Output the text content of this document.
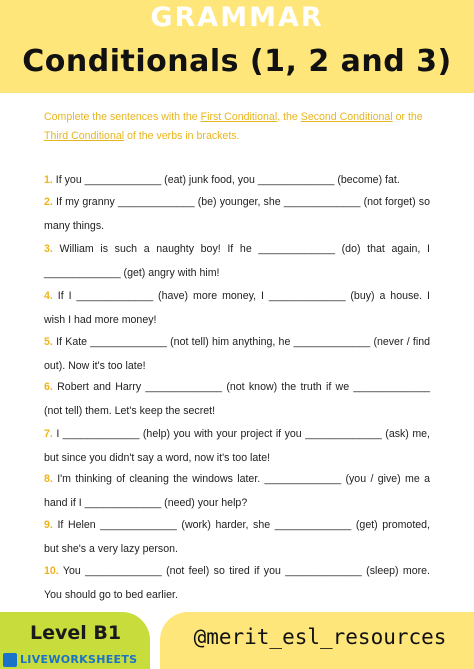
GRAMMAR
Conditionals (1, 2 and 3)
Complete the sentences with the First Conditional, the Second Conditional or the Third Conditional of the verbs in brackets.
1. If you _____________ (eat) junk food, you _____________ (become) fat.
2. If my granny _____________ (be) younger, she _____________ (not forget) so many things.
3. William is such a naughty boy! If he _____________ (do) that again, I _____________ (get) angry with him!
4. If I _____________ (have) more money, I _____________ (buy) a house. I wish I had more money!
5. If Kate _____________ (not tell) him anything, he _____________ (never / find out). Now it's too late!
6. Robert and Harry _____________ (not know) the truth if we _____________ (not tell) them. Let's keep the secret!
7. I _____________ (help) you with your project if you _____________ (ask) me, but since you didn't say a word, now it's too late!
8. I'm thinking of cleaning the windows later. _____________ (you / give) me a hand if I _____________ (need) your help?
9. If Helen _____________ (work) harder, she _____________ (get) promoted, but she's a very lazy person.
10. You _____________ (not feel) so tired if you _____________ (sleep) more. You should go to bed earlier.
Level B1
LIVEWORKSHEETS
@merit_esl_resources
